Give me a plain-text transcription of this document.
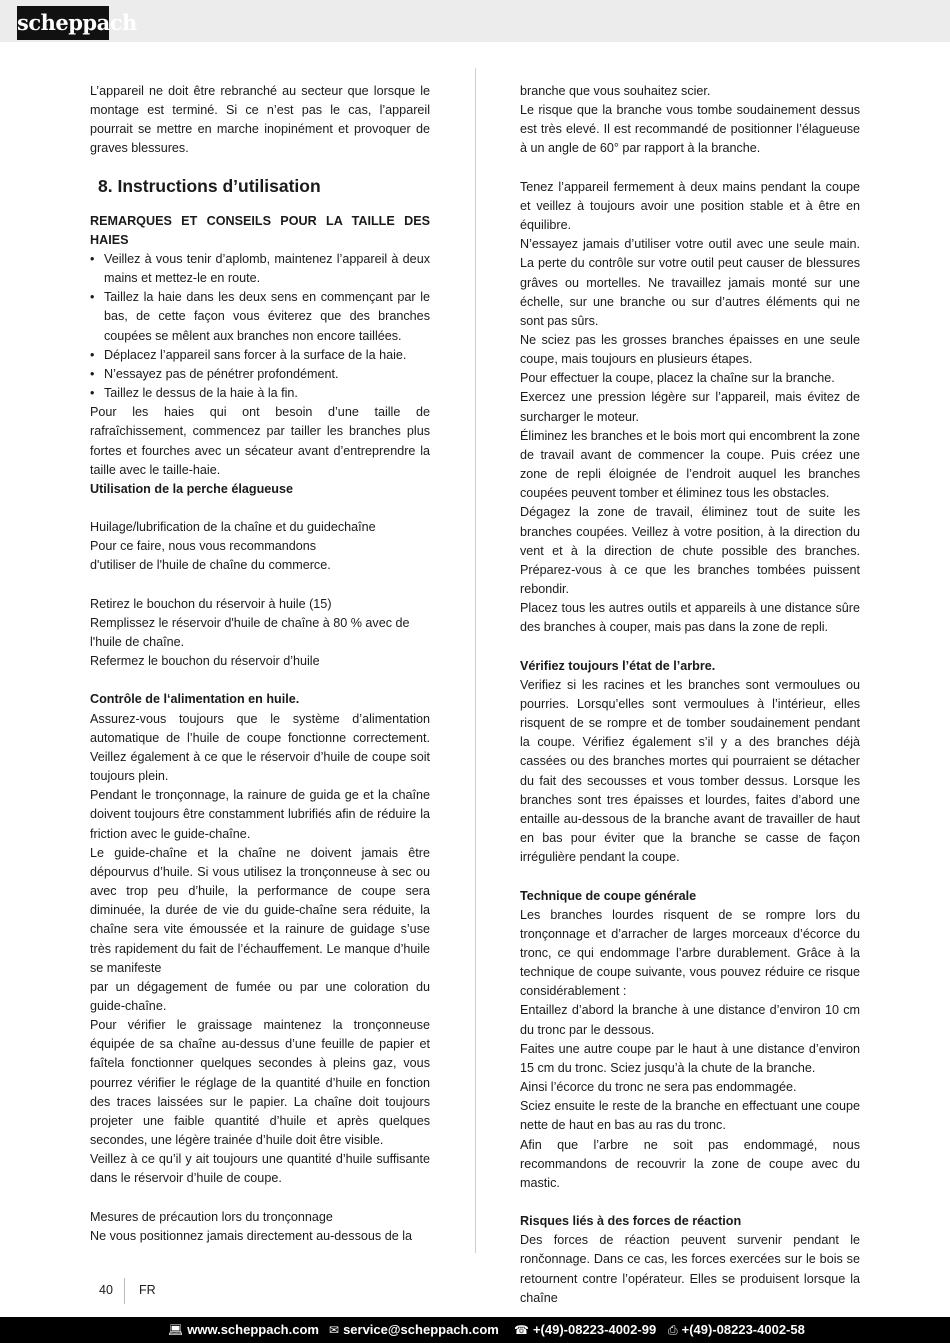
scheppach

L’appareil ne doit être rebranché au secteur que lorsque le montage est terminé. Si ce n’est pas le cas, l’appareil pourrait se mettre en marche inopinément et provoquer de graves blessures.

8. Instructions d’utilisation

REMARQUES ET CONSEILS POUR LA TAILLE DES HAIES

• Veillez à vous tenir d’aplomb, maintenez l’appareil à deux mains et mettez-le en route.
• Taillez la haie dans les deux sens en commençant par le bas, de cette façon vous éviterez que des branches coupées se mêlent aux branches non encore taillées.
• Déplacez l’appareil sans forcer à la surface de la haie.
• N’essayez pas de pénétrer profondément.
• Taillez le dessus de la haie à la fin.

Pour les haies qui ont besoin d’une taille de rafraîchissement, commencez par tailler les branches plus fortes et fourches avec un sécateur avant d’entreprendre la taille avec le taille-haie.

Utilisation de la perche élagueuse

Huilage/lubrification de la chaîne et du guidechaîne

Pour ce faire, nous vous recommandons

d'utiliser de l'huile de chaîne du commerce.

Retirez le bouchon du réservoir à huile (15)

Remplissez le réservoir d'huile de chaîne à 80 % avec de l'huile de chaîne.

Refermez le bouchon du réservoir d’huile

Contrôle de l‘alimentation en huile.

Assurez-vous toujours que le système d’alimentation automatique de l’huile de coupe fonctionne correctement. Veillez également à ce que le réservoir d’huile de coupe soit toujours plein.

Pendant le tronçonnage, la rainure de guida ge et la chaîne doivent toujours être constamment lubrifiés afin de réduire la friction avec le guide-chaîne.

Le guide-chaîne et la chaîne ne doivent jamais être dépourvus d’huile. Si vous utilisez la tronçonneuse à sec ou avec trop peu d’huile, la performance de coupe sera diminuée, la durée de vie du guide-chaîne sera réduite, la chaîne sera vite émoussée et la rainure de guidage s’use très rapidement du fait de l’échauffement. Le manque d’huile se manifeste

par un dégagement de fumée ou par une coloration du guide-chaîne.

Pour vérifier le graissage maintenez la tronçonneuse équipée de sa chaîne au-dessus d’une feuille de papier et faîtela fonctionner quelques secondes à pleins gaz, vous pourrez vérifier le réglage de la quantité d’huile en fonction des traces laissées sur le papier. La chaîne doit toujours projeter une faible quantité d’huile et après quelques secondes, une légère trainée d’huile doit être visible.

Veillez à ce qu’il y ait toujours une quantité d’huile suffisante dans le réservoir d’huile de coupe.

Mesures de précaution lors du tronçonnage

Ne vous positionnez jamais directement au-dessous de la

branche que vous souhaitez scier.

Le risque que la branche vous tombe soudainement dessus est très elevé. Il est recommandé de positionner l’élagueuse à un angle de 60° par rapport à la branche.

Tenez l’appareil fermement à deux mains pendant la coupe et veillez à toujours avoir une position stable et à être en équilibre.

N’essayez jamais d’utiliser votre outil avec une seule main. La perte du contrôle sur votre outil peut causer de blessures grâves ou mortelles. Ne travaillez jamais monté sur une échelle, sur une branche ou sur d’autres éléments qui ne sont pas sûrs.

Ne sciez pas les grosses branches épaisses en une seule coupe, mais toujours en plusieurs étapes.

Pour effectuer la coupe, placez la chaîne sur la branche.

Exercez une pression légère sur l’appareil, mais évitez de surcharger le moteur.

Éliminez les branches et le bois mort qui encombrent la zone de travail avant de commencer la coupe. Puis créez une zone de repli éloignée de l’endroit auquel les branches coupées peuvent tomber et éliminez tous les obstacles.

Dégagez la zone de travail, éliminez tout de suite les branches coupées. Veillez à votre position, à la direction du vent et à la direction de chute possible des branches. Préparez-vous à ce que les branches tombées puissent rebondir.

Placez tous les autres outils et appareils à une distance sûre des branches à couper, mais pas dans la zone de repli.

Vérifiez toujours l’état de l’arbre.

Verifiez si les racines et les branches sont vermoulues ou pourries. Lorsqu’elles sont vermoulues à l’intérieur, elles risquent de se rompre et de tomber soudainement pendant la coupe. Vérifiez également s’il y a des branches déjà cassées ou des branches mortes qui pourraient se détacher du fait des secousses et vous tomber dessus. Lorsque les branches sont tres épaisses et lourdes, faites d’abord une entaille au-dessous de la branche avant de travailler de haut en bas pour éviter que la branche se casse de façon irrégulière pendant la coupe.

Technique de coupe générale

Les branches lourdes risquent de se rompre lors du tronçonnage et d’arracher de larges morceaux d’écorce du tronc, ce qui endommage l’arbre durablement. Grâce à la technique de coupe suivante, vous pouvez réduire ce risque considérablement :

Entaillez d’abord la branche à une distance d’environ 10 cm du tronc par le dessous.

Faites une autre coupe par le haut à une distance d’environ 15 cm du tronc. Sciez jusqu’à la chute de la branche.

Ainsi l’écorce du tronc ne sera pas endommagée.

Sciez ensuite le reste de la branche en effectuant une coupe nette de haut en bas au ras du tronc.

Afin que l’arbre ne soit pas endommagé, nous recommandons de recouvrir la zone de coupe avec du mastic.

Risques liés à des forces de réaction

Des forces de réaction peuvent survenir pendant le rončonnage. Dans ce cas, les forces exercées sur le bois se retournent contre l’opérateur. Elles se produisent lorsque la chaîne

40 FR
💻︎ www.scheppach.com ✉︎ service@scheppach.com ☎︎ +(49)-08223-4002-99 ⎙ +(49)-08223-4002-58
